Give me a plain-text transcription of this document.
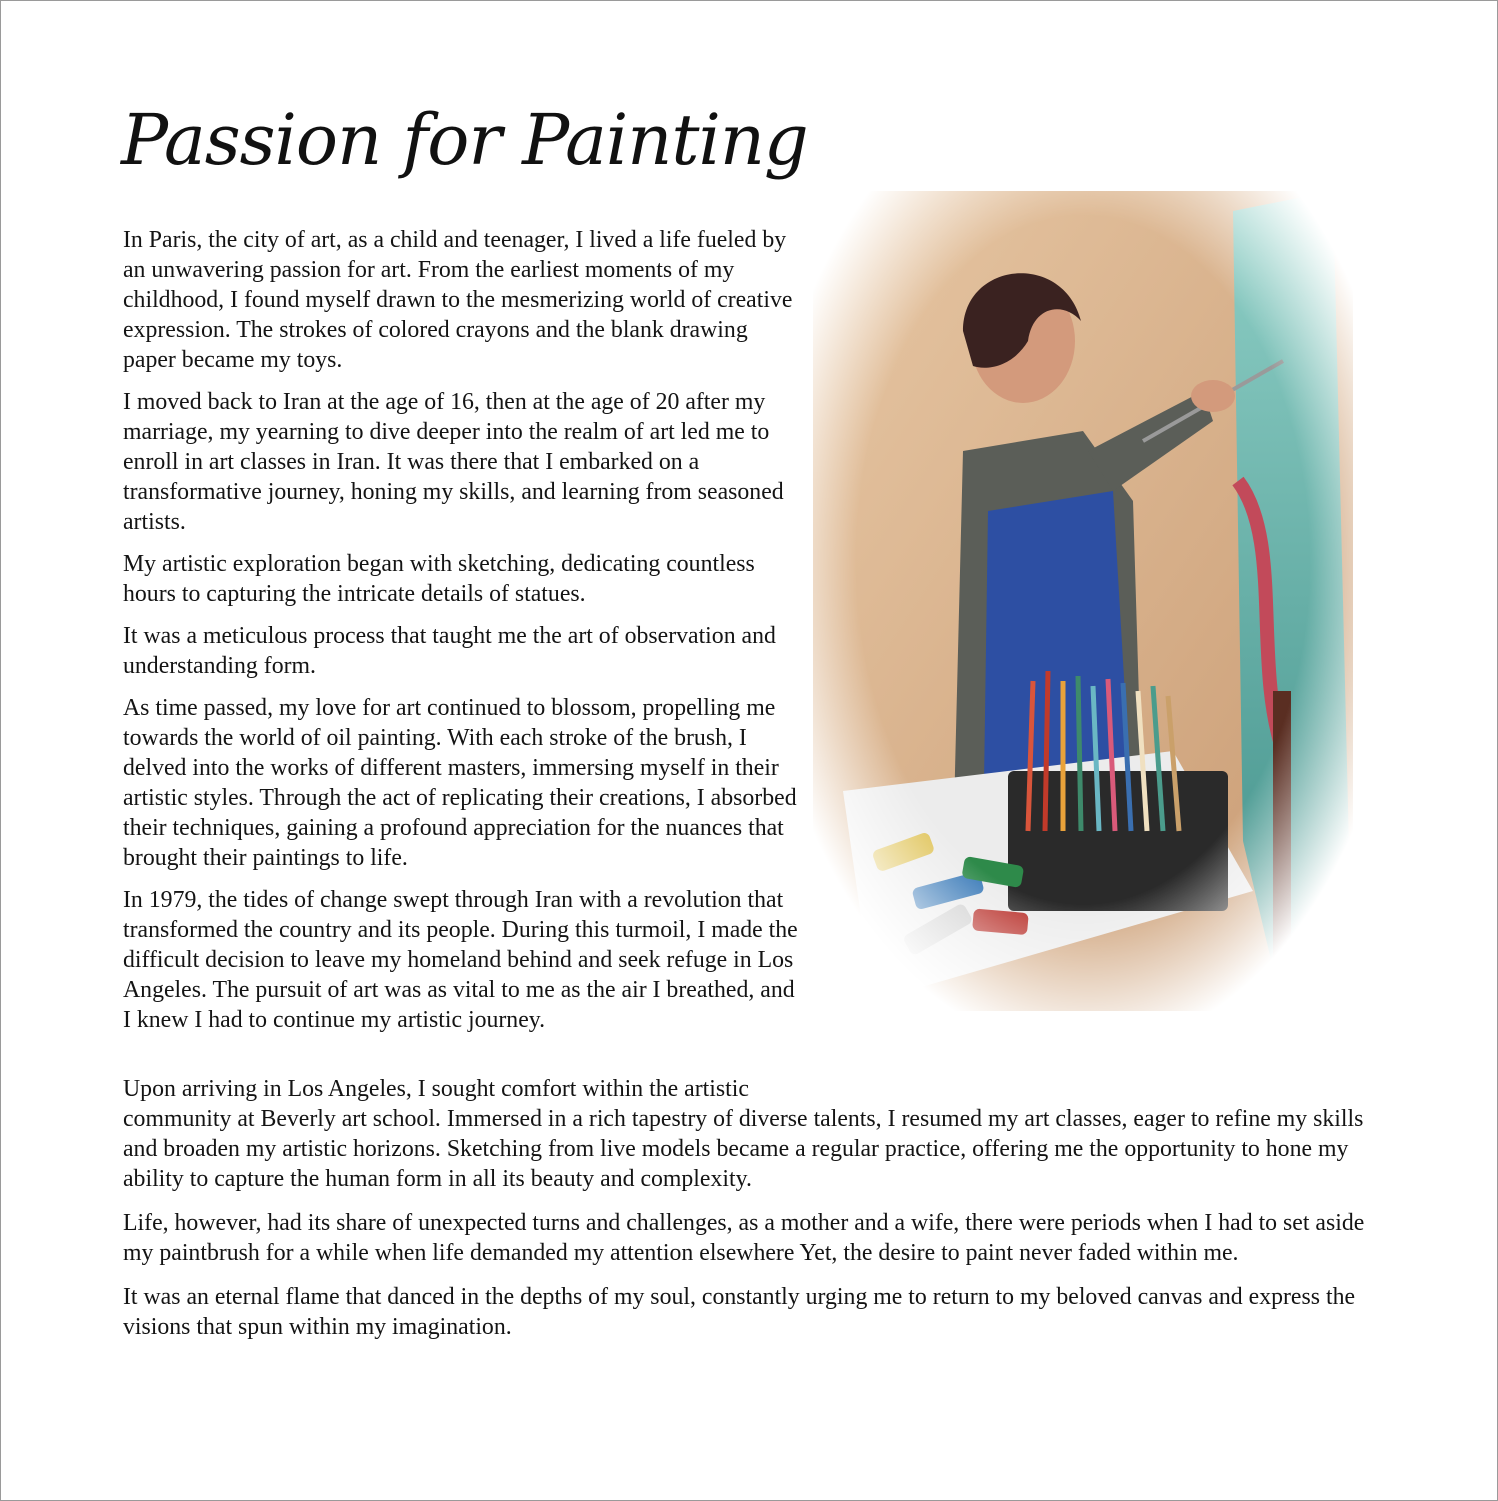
Passion for Painting

In Paris, the city of art, as a child and teenager, I lived a life fueled by an unwavering passion for art. From the earliest moments of my childhood, I found myself drawn to the mesmerizing world of creative expression. The strokes of colored crayons and the blank drawing paper became my toys.

I moved back to Iran at the age of 16, then at the age of 20 after my marriage, my yearning to dive deeper into the realm of art led me to enroll in art classes in Iran. It was there that I embarked on a transformative journey, honing my skills, and learning from seasoned artists.

My artistic exploration began with sketching, dedicating countless hours to capturing the intricate details of statues.

It was a meticulous process that taught me the art of observation and understanding form.

As time passed, my love for art continued to blossom, propelling me towards the world of oil painting. With each stroke of the brush, I delved into the works of different masters, immersing myself in their artistic styles. Through the act of replicating their creations, I absorbed their techniques, gaining a profound appreciation for the nuances that brought their paintings to life.

In 1979, the tides of change swept through Iran with a revolution that transformed the country and its people. During this turmoil, I made the difficult decision to leave my homeland behind and seek refuge in Los Angeles. The pursuit of art was as vital to me as the air I breathed, and I knew I had to continue my artistic journey.

Upon arriving in Los Angeles, I sought comfort within the artistic
community at Beverly art school. Immersed in a rich tapestry of diverse talents, I resumed my art classes, eager to refine my skills and broaden my artistic horizons. Sketching from live models became a regular practice, offering me the opportunity to hone my ability to capture the human form in all its beauty and complexity.

Life, however, had its share of unexpected turns and challenges, as a mother and a wife, there were periods when I had to set aside my paintbrush for a while when life demanded my attention elsewhere Yet, the desire to paint never faded within me.

It was an eternal flame that danced in the depths of my soul, constantly urging me to return to my beloved canvas and express the visions that spun within my imagination.
